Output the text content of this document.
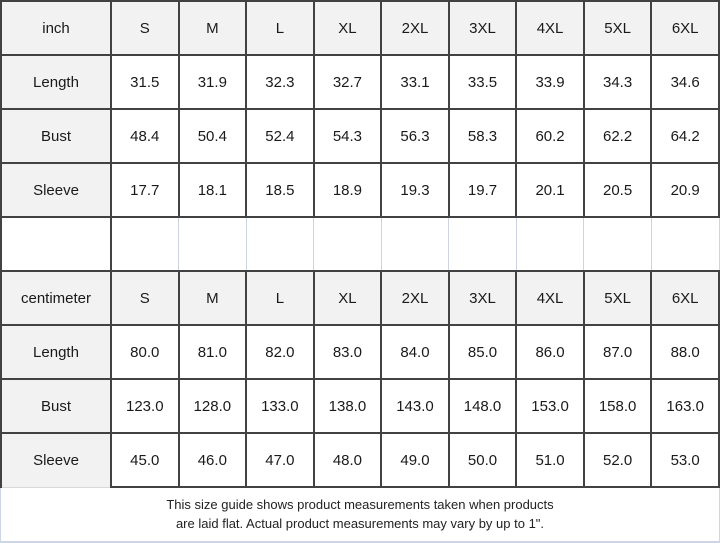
inch	S	M	L	XL	2XL	3XL	4XL	5XL	6XL
Length	31.5	31.9	32.3	32.7	33.1	33.5	33.9	34.3	34.6
Bust	48.4	50.4	52.4	54.3	56.3	58.3	60.2	62.2	64.2
Sleeve	17.7	18.1	18.5	18.9	19.3	19.7	20.1	20.5	20.9

centimeter	S	M	L	XL	2XL	3XL	4XL	5XL	6XL
Length	80.0	81.0	82.0	83.0	84.0	85.0	86.0	87.0	88.0
Bust	123.0	128.0	133.0	138.0	143.0	148.0	153.0	158.0	163.0
Sleeve	45.0	46.0	47.0	48.0	49.0	50.0	51.0	52.0	53.0
This size guide shows product measurements taken when products
are laid flat. Actual product measurements may vary by up to 1".
